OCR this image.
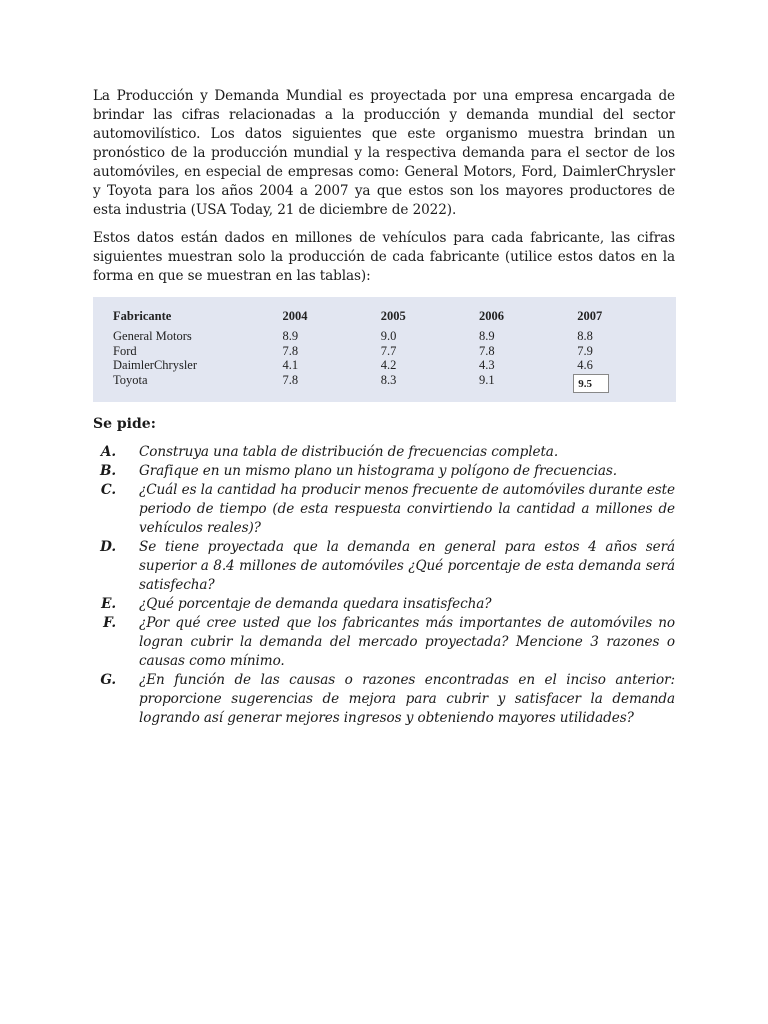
La Producción y Demanda Mundial es proyectada por una empresa encargada de brindar las cifras relacionadas a la producción y demanda mundial del sector automovilístico. Los datos siguientes que este organismo muestra brindan un pronóstico de la producción mundial y la respectiva demanda para el sector de los automóviles, en especial de empresas como: General Motors, Ford, DaimlerChrysler y Toyota para los años 2004 a 2007 ya que estos son los mayores productores de esta industria (USA Today, 21 de diciembre de 2022).

Estos datos están dados en millones de vehículos para cada fabricante, las cifras siguientes muestran solo la producción de cada fabricante (utilice estos datos en la forma en que se muestran en las tablas):

Fabricante	2004	2005	2006	2007
General Motors	8.9	9.0	8.9	8.8
Ford	7.8	7.7	7.8	7.9
DaimlerChrysler	4.1	4.2	4.3	4.6
Toyota	7.8	8.3	9.1	9.5
Se pide:
A.	Construya una tabla de distribución de frecuencias completa.
B.	Grafique en un mismo plano un histograma y polígono de frecuencias.
C.	¿Cuál es la cantidad ha producir menos frecuente de automóviles durante este periodo de tiempo (de esta respuesta convirtiendo la cantidad a millones de vehículos reales)?
D.	Se tiene proyectada que la demanda en general para estos 4 años será superior a 8.4 millones de automóviles ¿Qué porcentaje de esta demanda será satisfecha?
E.	¿Qué porcentaje de demanda quedara insatisfecha?
F.	¿Por qué cree usted que los fabricantes más importantes de automóviles no logran cubrir la demanda del mercado proyectada? Mencione 3 razones o causas como mínimo.
G.	¿En función de las causas o razones encontradas en el inciso anterior: proporcione sugerencias de mejora para cubrir y satisfacer la demanda logrando así generar mejores ingresos y obteniendo mayores utilidades?
